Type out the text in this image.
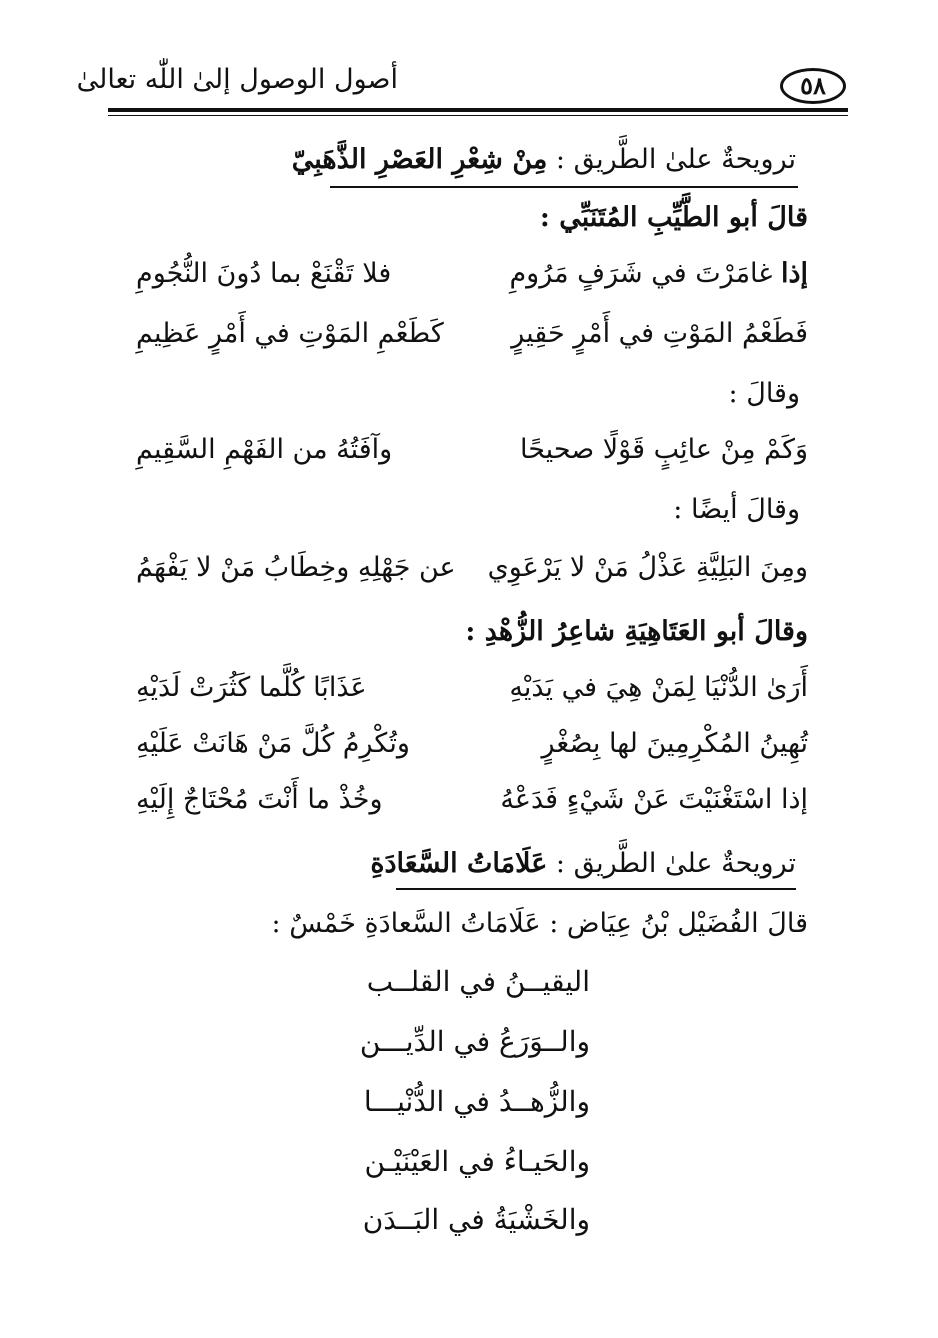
٥٨
أصول الوصول إلىٰ اللّٰه تعالىٰ
ترويحةٌ علىٰ الطَّريق : مِنْ شِعْرِ العَصْرِ الذَّهَبِيّ
قالَ أبو الطَّيِّبِ المُتَنَبِّي :
إذا غامَرْتَ في شَرَفٍ مَرُومِ
فلا تَقْنَعْ بما دُونَ النُّجُومِ
فَطَعْمُ المَوْتِ في أَمْرٍ حَقِيرٍ
كَطَعْمِ المَوْتِ في أَمْرٍ عَظِيمِ
وقالَ :
وَكَمْ مِنْ عائِبٍ قَوْلًا صحيحًا
وآفَتُهُ من الفَهْمِ السَّقِيمِ
وقالَ أيضًا :
ومِنَ البَلِيَّةِ عَذْلُ مَنْ لا يَرْعَوِي
عن جَهْلِهِ وخِطَابُ مَنْ لا يَفْهَمُ
وقالَ أبو العَتَاهِيَةِ شاعِرُ الزُّهْدِ :
أَرَىٰ الدُّنْيَا لِمَنْ هِيَ في يَدَيْهِ
عَذَابًا كُلَّما كَثُرَتْ لَدَيْهِ
تُهِينُ المُكْرِمِينَ لها بِصُغْرٍ
وتُكْرِمُ كُلَّ مَنْ هَانَتْ عَلَيْهِ
إذا اسْتَغْنَيْتَ عَنْ شَيْءٍ فَدَعْهُ
وخُذْ ما أَنْتَ مُحْتَاجٌ إِلَيْهِ
ترويحةٌ علىٰ الطَّريق : عَلَامَاتُ السَّعَادَةِ
قالَ الفُضَيْل بْنُ عِيَاض : عَلَامَاتُ السَّعادَةِ خَمْسٌ :
اليقيــنُ في القلــب
والــوَرَعُ في الدِّيـــن
والزُّهــدُ في الدُّنْيـــا
والحَيـاءُ في العَيْنَيْـن
والخَشْيَةُ في البَــدَن
